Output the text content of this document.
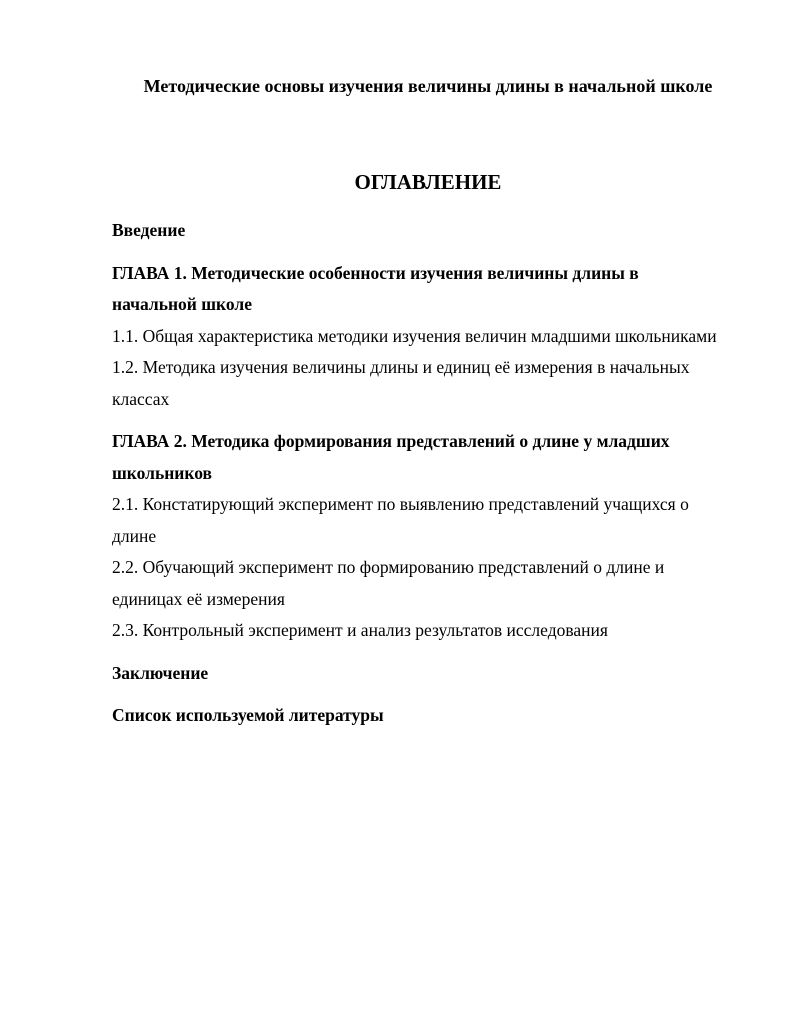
Методические основы изучения величины длины в начальной школе
ОГЛАВЛЕНИЕ

Введение

ГЛАВА 1. Методические особенности изучения величины длины в начальной школе

1.1. Общая характеристика методики изучения величин младшими школьниками

1.2. Методика изучения величины длины и единиц её измерения в начальных классах

ГЛАВА 2. Методика формирования представлений о длине у младших школьников

2.1. Констатирующий эксперимент по выявлению представлений учащихся о длине

2.2. Обучающий эксперимент по формированию представлений о длине и единицах её измерения

2.3. Контрольный эксперимент и анализ результатов исследования

Заключение

Список используемой литературы
